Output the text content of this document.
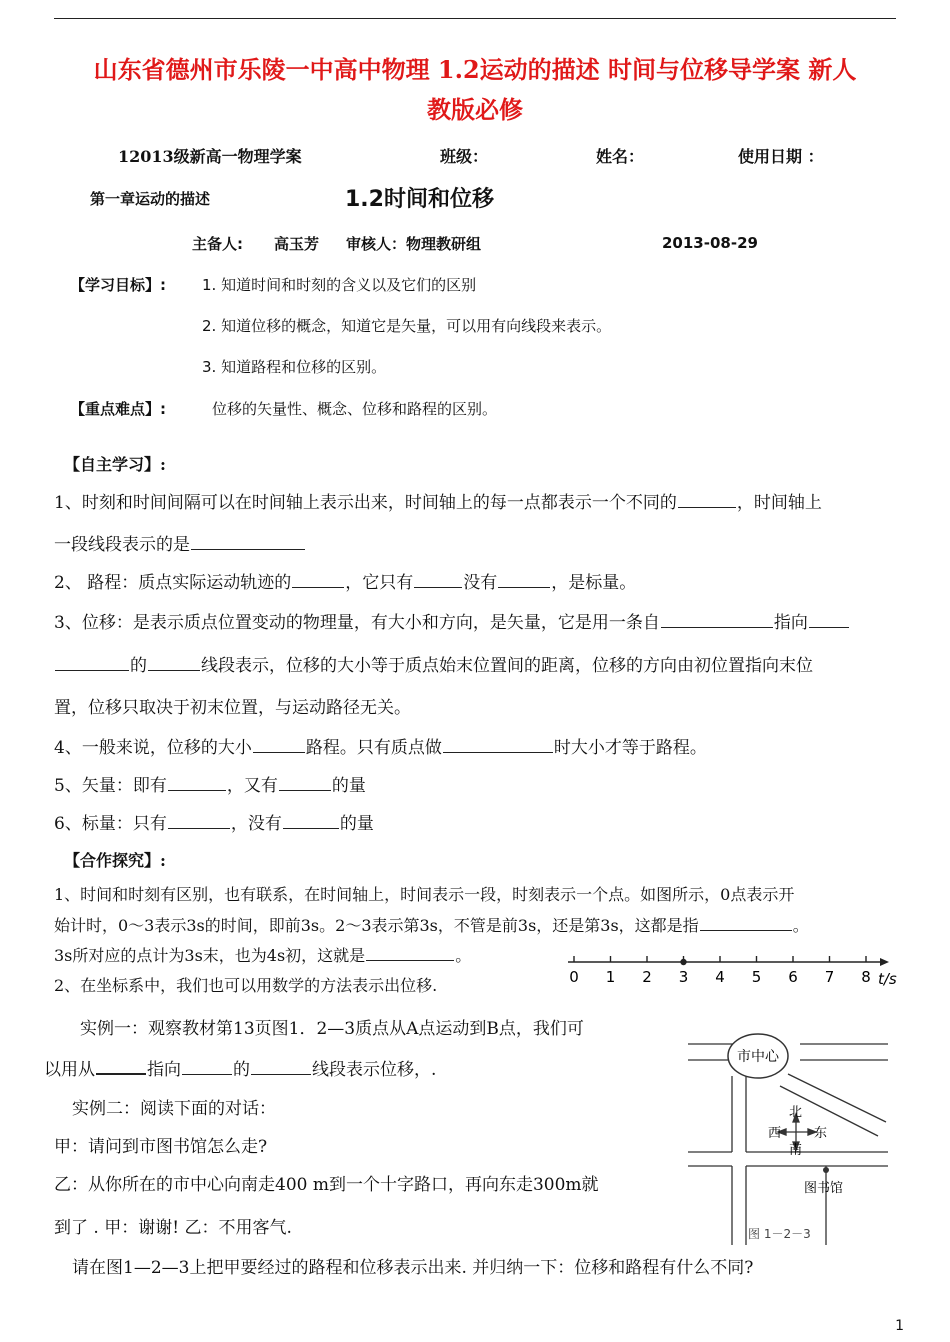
山东省德州市乐陵一中高中物理 1.2运动的描述 时间与位移导学案 新人
教版必修
12013级新高一物理学案	班级：	姓名：	使用日期 ：
第一章运动的描述	1.2时间和位移
主备人: 高玉芳 审核人：物理教研组	2013-08-29
【学习目标】: 1. 知道时间和时刻的含义以及它们的区别
2. 知道位移的概念，知道它是矢量，可以用有向线段来表示。
3. 知道路程和位移的区别。
【重点难点】:	位移的矢量性、概念、位移和路程的区别。
【自主学习】:
1、时刻和时间间隔可以在时间轴上表示出来，时间轴上的每一点都表示一个不同的	，时间轴上
一段线段表示的是
2、 路程：质点实际运动轨迹的	，它只有	没有	，是标量。
3、位移：是表示质点位置变动的物理量，有大小和方向，是矢量，它是用一条自	指向
的	线段表示，位移的大小等于质点始末位置间的距离，位移的方向由初位置指向末位
置，位移只取决于初末位置，与运动路径无关。
4、一般来说，位移的大小	路程。只有质点做	时大小才等于路程。
5、矢量：即有	，又有	的量
6、标量：只有	，没有	的量
【合作探究】:
1、时间和时刻有区别，也有联系，在时间轴上，时间表示一段，时刻表示一个点。如图所示，0点表示开
始计时，0～3表示3s的时间，即前3s。2～3表示第3s，不管是前3s，还是第3s，这都是指	。
3s所对应的点计为3s末，也为4s初，这就是	。
2、在坐标系中，我们也可以用数学的方法表示出位移.	0 1 2 3 4 5 6 7 8 t/s
实例一：观察教材第13页图1．2—3质点从A点运动到B点，我们可
以用从	指向	的	线段表示位移，.
实例二：阅读下面的对话：
甲：请问到市图书馆怎么走?
乙：从你所在的市中心向南走400 m到一个十字路口，再向东走300m就
到了 . 甲：谢谢! 乙：不用客气.
请在图1—2—3上把甲要经过的路程和位移表示出来. 并归纳一下：位移和路程有什么不同?
市中心
北
南
西	东
图书馆
图 1－2－3
1
